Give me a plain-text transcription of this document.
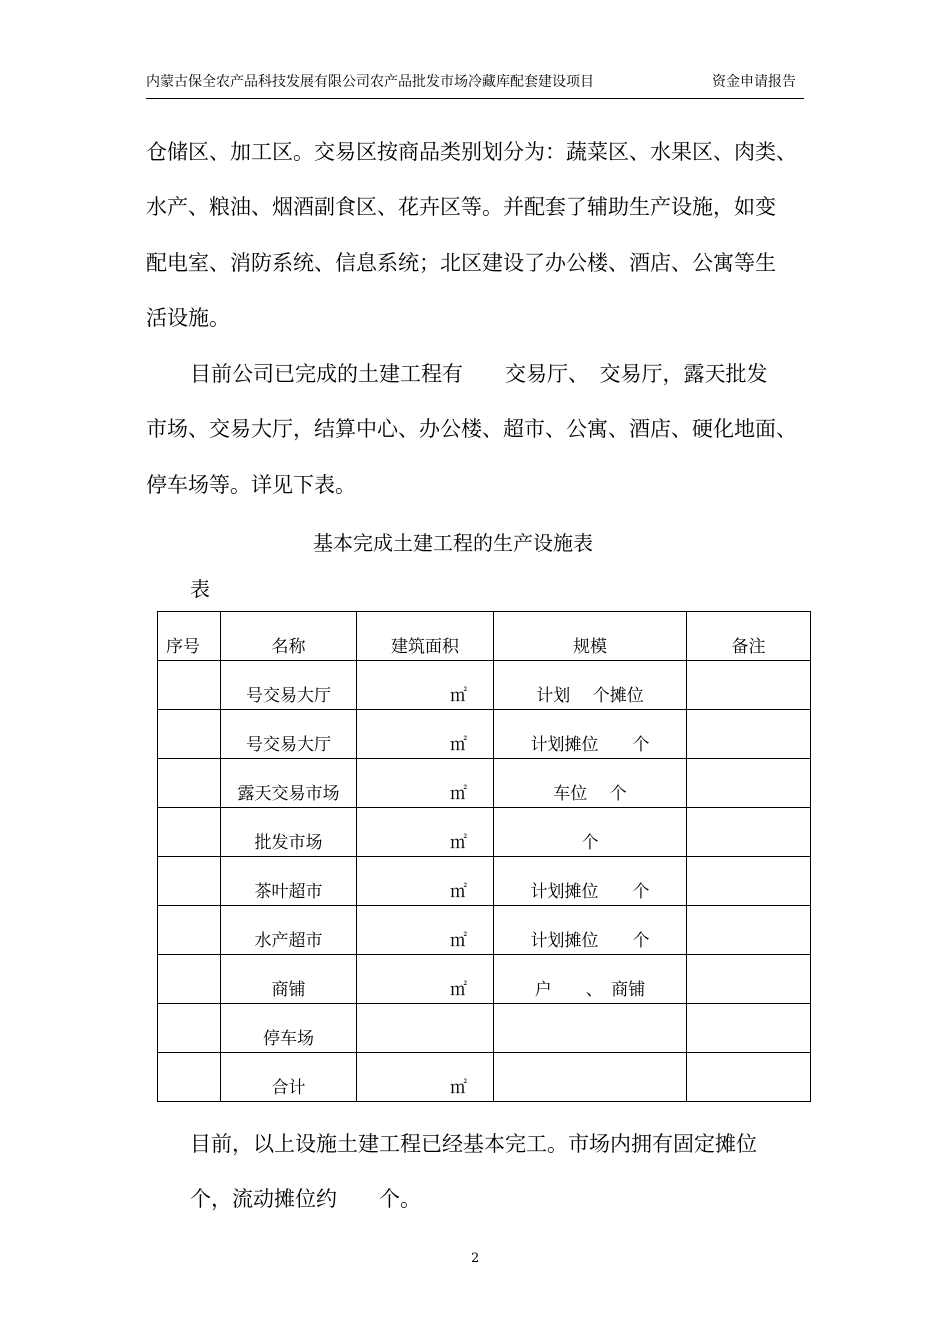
内蒙古保全农产品科技发展有限公司农产品批发市场冷藏库配套建设项目	资金申请报告
仓储区、加工区。交易区按商品类别划分为：蔬菜区、水果区、肉类、
水产、粮油、烟酒副食区、花卉区等。并配套了辅助生产设施，如变
配电室、消防系统、信息系统；北区建设了办公楼、酒店、公寓等生
活设施。
目前公司已完成的土建工程有　　交易厅、　交易厅，露天批发
市场、交易大厅，结算中心、办公楼、超市、公寓、酒店、硬化地面、
停车场等。详见下表。
基本完成土建工程的生产设施表
表
序号	名称	建筑面积	规模	备注
	号交易大厅	㎡	计划　 个摊位	
	号交易大厅	㎡	计划摊位　　个	
	露天交易市场	㎡	车位　 个	
	批发市场	㎡	个	
	茶叶超市	㎡	计划摊位　　个	
	水产超市	㎡	计划摊位　　个	
	商铺	㎡	户　　、　商铺	
	停车场			
	合计	㎡		
目前，以上设施土建工程已经基本完工。市场内拥有固定摊位
个，流动摊位约　　个。
2
